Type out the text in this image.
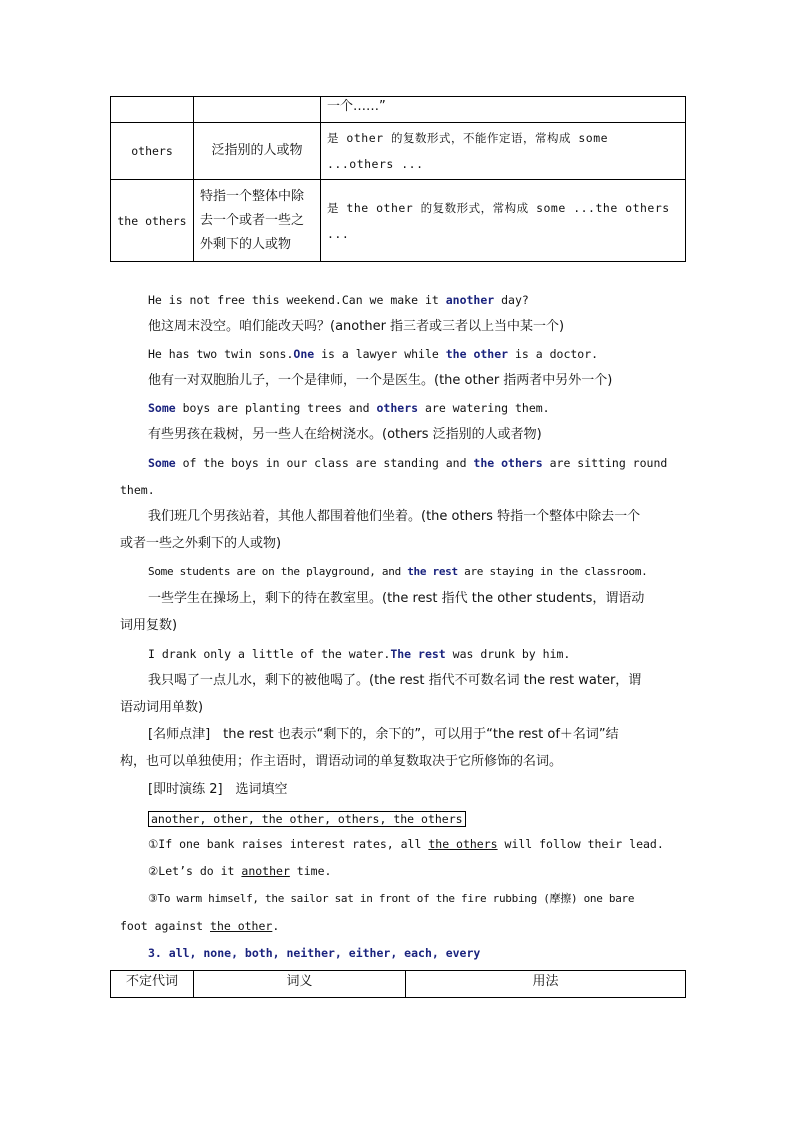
		一个……”
others	泛指别的人或物	是 other 的复数形式，不能作定语，常构成 some ...others ...
the others	特指一个整体中除去一个或者一些之外剩下的人或物	是 the other 的复数形式，常构成 some ...the others ...
He is not free this weekend.Can we make it another day?
他这周末没空。咱们能改天吗？(another 指三者或三者以上当中某一个)
He has two twin sons.One is a lawyer while the other is a doctor.
他有一对双胞胎儿子，一个是律师，一个是医生。(the other 指两者中另外一个)
Some boys are planting trees and others are watering them.
有些男孩在栽树，另一些人在给树浇水。(others 泛指别的人或者物)
Some of the boys in our class are standing and the others are sitting round
them.
我们班几个男孩站着，其他人都围着他们坐着。(the others 特指一个整体中除去一个
或者一些之外剩下的人或物)
Some students are on the playground, and the rest are staying in the classroom.
一些学生在操场上，剩下的待在教室里。(the rest 指代 the other students，谓语动
词用复数)
I drank only a little of the water.The rest was drunk by him.
我只喝了一点儿水，剩下的被他喝了。(the rest 指代不可数名词 the rest water，谓
语动词用单数)
[名师点津]　the rest 也表示“剩下的，余下的”，可以用于“the rest of＋名词”结
构，也可以单独使用；作主语时，谓语动词的单复数取决于它所修饰的名词。
[即时演练 2]　选词填空
another, other, the other, others, the others
①If one bank raises interest rates, all the others will follow their lead.
②Let’s do it another time.
③To warm himself, the sailor sat in front of the fire rubbing (摩擦) one bare
foot against the other.
3. all, none, both, neither, either, each, every
不定代词	词义	用法
